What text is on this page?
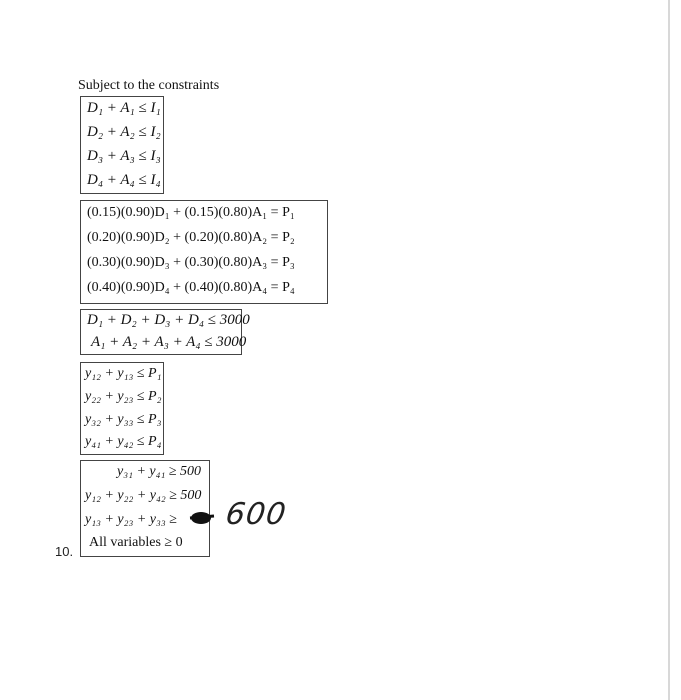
Subject to the constraints
D₁ + A₁ ≤ I₁
D₂ + A₂ ≤ I₂
D₃ + A₃ ≤ I₃
D₄ + A₄ ≤ I₄
(0.15)(0.90)D₁ + (0.15)(0.80)A₁ = P₁
(0.20)(0.90)D₂ + (0.20)(0.80)A₂ = P₂
(0.30)(0.90)D₃ + (0.30)(0.80)A₃ = P₃
(0.40)(0.90)D₄ + (0.40)(0.80)A₄ = P₄
D₁ + D₂ + D₃ + D₄ ≤ 3000
A₁ + A₂ + A₃ + A₄ ≤ 3000
y₁₂ + y₁₃ ≤ P₁
y₂₂ + y₂₃ ≤ P₂
y₃₂ + y₃₃ ≤ P₃
y₄₁ + y₄₂ ≤ P₄
y₃₁ + y₄₁ ≥ 500
y₁₂ + y₂₂ + y₄₂ ≥ 500
y₁₃ + y₂₃ + y₃₃ ≥
All variables ≥ 0
600
10.
